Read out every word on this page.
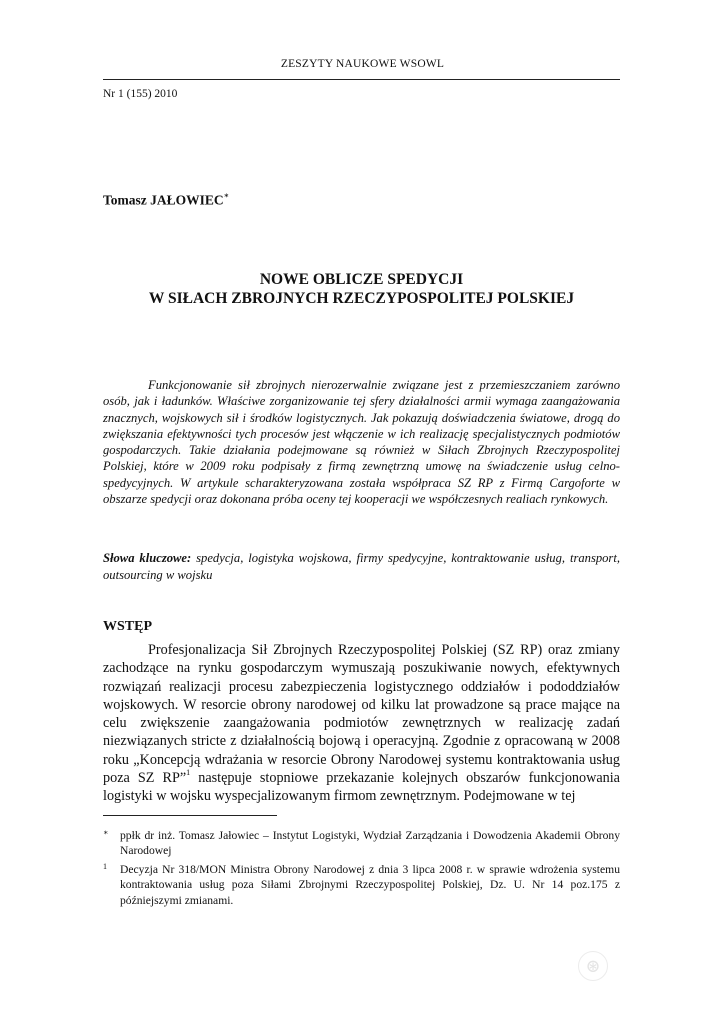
ZESZYTY NAUKOWE WSOWL
Nr 1 (155) 2010
Tomasz JAŁOWIEC∗
NOWE OBLICZE SPEDYCJI
W SIŁACH ZBROJNYCH RZECZYPOSPOLITEJ POLSKIEJ
Funkcjonowanie sił zbrojnych nierozerwalnie związane jest z przemieszczaniem zarówno osób, jak i ładunków. Właściwe zorganizowanie tej sfery działalności armii wymaga zaangażowania znacznych, wojskowych sił i środków logistycznych. Jak pokazują doświadczenia światowe, drogą do zwiększania efektywności tych procesów jest włączenie w ich realizację specjalistycznych podmiotów gospodarczych. Takie działania podejmowane są również w Siłach Zbrojnych Rzeczypospolitej Polskiej, które w 2009 roku podpisały z firmą zewnętrzną umowę na świadczenie usług celno-spedycyjnych. W artykule scharakteryzowana została współpraca SZ RP z Firmą Cargoforte w obszarze spedycji oraz dokonana próba oceny tej kooperacji we współczesnych realiach rynkowych.
Słowa kluczowe: spedycja, logistyka wojskowa, firmy spedycyjne, kontraktowanie usług, transport, outsourcing w wojsku
WSTĘP
Profesjonalizacja Sił Zbrojnych Rzeczypospolitej Polskiej (SZ RP) oraz zmiany zachodzące na rynku gospodarczym wymuszają poszukiwanie nowych, efektywnych rozwiązań realizacji procesu zabezpieczenia logistycznego oddziałów i pododdziałów wojskowych. W resorcie obrony narodowej od kilku lat prowadzone są prace mające na celu zwiększenie zaangażowania podmiotów zewnętrznych w realizację zadań niezwiązanych stricte z działalnością bojową i operacyjną. Zgodnie z opracowaną w 2008 roku „Koncepcją wdrażania w resorcie Obrony Narodowej systemu kontraktowania usług poza SZ RP”$^1$ następuje stopniowe przekazanie kolejnych obszarów funkcjonowania logistyki w wojsku wyspecjalizowanym firmom zewnętrznym. Podejmowane w tej
∗ ppłk dr inż. Tomasz Jałowiec – Instytut Logistyki, Wydział Zarządzania i Dowodzenia Akademii Obrony Narodowej
1 Decyzja Nr 318/MON Ministra Obrony Narodowej z dnia 3 lipca 2008 r. w sprawie wdrożenia systemu kontraktowania usług poza Siłami Zbrojnymi Rzeczypospolitej Polskiej, Dz. U. Nr 14 poz.175 z późniejszymi zmianami.
⊛
